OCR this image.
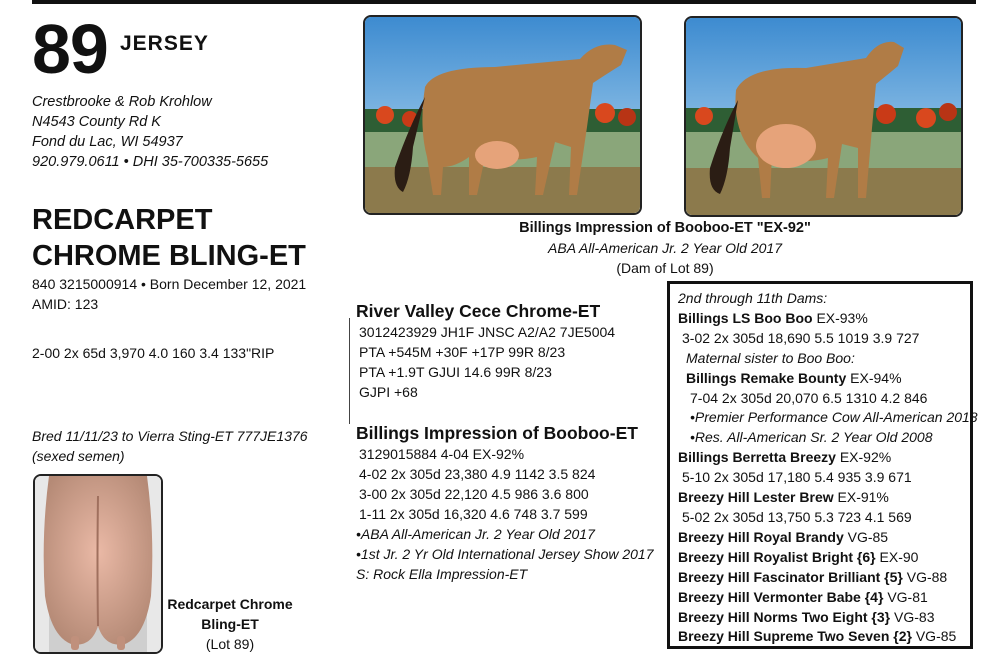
89 JERSEY
Crestbrooke & Rob Krohlow
N4543 County Rd K
Fond du Lac, WI 54937
920.979.0611 • DHI 35-700335-5655
REDCARPET
CHROME BLING-ET
840 3215000914 • Born December 12, 2021
AMID: 123
2-00 2x 65d 3,970 4.0 160 3.4 133"RIP
Bred 11/11/23 to Vierra Sting-ET 777JE1376
(sexed semen)
Billings Impression of Booboo-ET "EX-92"
ABA All-American Jr. 2 Year Old 2017
(Dam of Lot 89)
Redcarpet Chrome
Bling-ET
(Lot 89)
River Valley Cece Chrome-ET
3012423929 JH1F JNSC A2/A2 7JE5004
PTA +545M +30F +17P 99R 8/23
PTA +1.9T GJUI 14.6 99R 8/23
GJPI +68
Billings Impression of Booboo-ET
3129015884 4-04 EX-92%
4-02 2x 305d 23,380 4.9 1142 3.5 824
3-00 2x 305d 22,120 4.5 986 3.6 800
1-11 2x 305d 16,320 4.6 748 3.7 599
•ABA All-American Jr. 2 Year Old 2017
•1st Jr. 2 Yr Old International Jersey Show 2017
S: Rock Ella Impression-ET
2nd through 11th Dams:
Billings LS Boo Boo EX-93%
3-02 2x 305d 18,690 5.5 1019 3.9 727
Maternal sister to Boo Boo:
Billings Remake Bounty EX-94%
7-04 2x 305d 20,070 6.5 1310 4.2 846
•Premier Performance Cow All-American 2018
•Res. All-American Sr. 2 Year Old 2008
Billings Berretta Breezy EX-92%
5-10 2x 305d 17,180 5.4 935 3.9 671
Breezy Hill Lester Brew EX-91%
5-02 2x 305d 13,750 5.3 723 4.1 569
Breezy Hill Royal Brandy VG-85
Breezy Hill Royalist Bright {6} EX-90
Breezy Hill Fascinator Brilliant {5} VG-88
Breezy Hill Vermonter Babe {4} VG-81
Breezy Hill Norms Two Eight {3} VG-83
Breezy Hill Supreme Two Seven {2} VG-85
